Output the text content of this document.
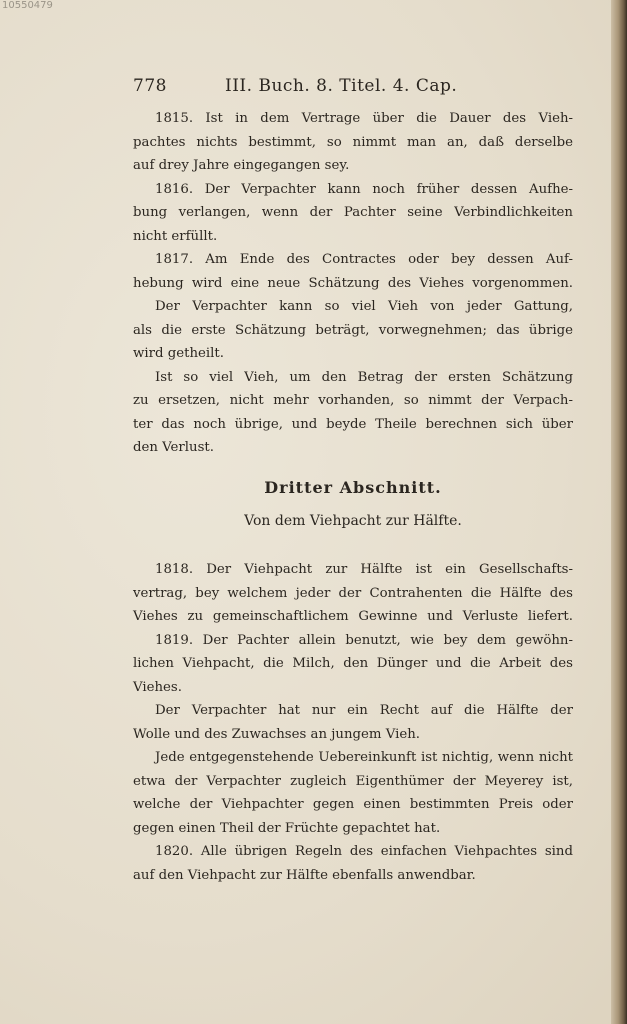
10550479
778	III. Buch. 8. Titel. 4. Cap.
1815. Ist in dem Vertrage über die Dauer des Vieh-
pachtes nichts bestimmt, so nimmt man an, daß derselbe
auf drey Jahre eingegangen sey.
1816. Der Verpachter kann noch früher dessen Aufhe-
bung verlangen, wenn der Pachter seine Verbindlichkeiten
nicht erfüllt.
1817. Am Ende des Contractes oder bey dessen Auf-
hebung wird eine neue Schätzung des Viehes vorgenommen.
Der Verpachter kann so viel Vieh von jeder Gattung,
als die erste Schätzung beträgt, vorwegnehmen; das übrige
wird getheilt.
Ist so viel Vieh, um den Betrag der ersten Schätzung
zu ersetzen, nicht mehr vorhanden, so nimmt der Verpach-
ter das noch übrige, und beyde Theile berechnen sich über
den Verlust.
Dritter Abschnitt.
Von dem Viehpacht zur Hälfte.
1818. Der Viehpacht zur Hälfte ist ein Gesellschafts-
vertrag, bey welchem jeder der Contrahenten die Hälfte des
Viehes zu gemeinschaftlichem Gewinne und Verluste liefert.
1819. Der Pachter allein benutzt, wie bey dem gewöhn-
lichen Viehpacht, die Milch, den Dünger und die Arbeit des
Viehes.
Der Verpachter hat nur ein Recht auf die Hälfte der
Wolle und des Zuwachses an jungem Vieh.
Jede entgegenstehende Uebereinkunft ist nichtig, wenn nicht
etwa der Verpachter zugleich Eigenthümer der Meyerey ist,
welche der Viehpachter gegen einen bestimmten Preis oder
gegen einen Theil der Früchte gepachtet hat.
1820. Alle übrigen Regeln des einfachen Viehpachtes sind
auf den Viehpacht zur Hälfte ebenfalls anwendbar.
